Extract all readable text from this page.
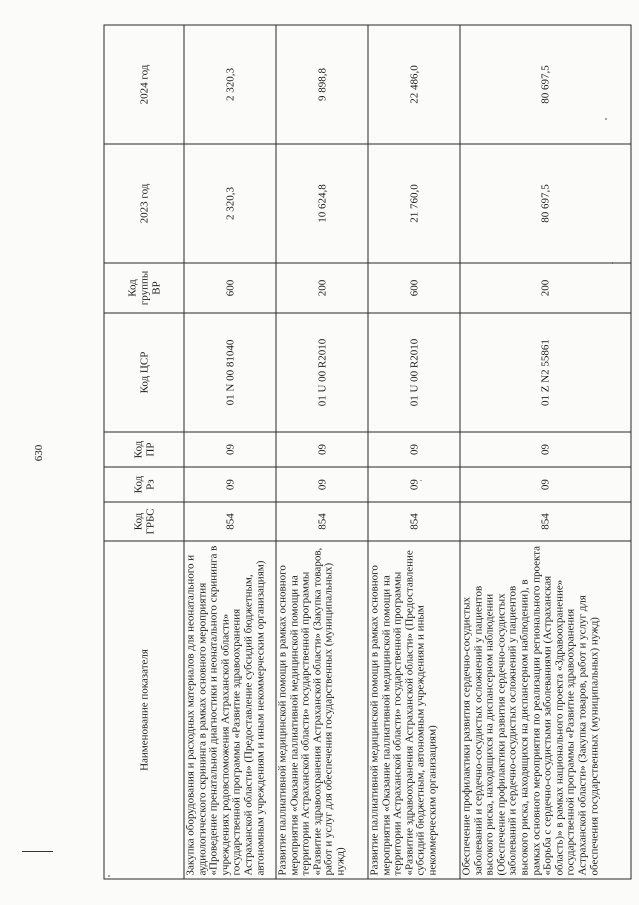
630
Наименование показателя	Код ГРБС	Код Рз	Код ПР	Код ЦСР	Код группы ВР	2023 год	2024 год
Закупка оборудования и расходных материалов для неонатального и аудиологического скрининга в рамках основного мероприятия «Проведение пренатальной диагностики и неонатального скрининга в учреждениях родовспоможения Астраханской области» государственной программы «Развитие здравоохранения Астраханской области» (Предоставление субсидий бюджетным, автономным учреждениям и иным некоммерческим организациям)	854	09	09	01 N 00 81040	600	2 320,3	2 320,3
Развитие паллиативной медицинской помощи в рамках основного мероприятия «Оказание паллиативной медицинской помощи на территории Астраханской области» государственной программы «Развитие здравоохранения Астраханской области» (Закупка товаров, работ и услуг для обеспечения государственных (муниципальных) нужд)	854	09	09	01 U 00 R2010	200	10 624,8	9 898,8
Развитие паллиативной медицинской помощи в рамках основного мероприятия «Оказание паллиативной медицинской помощи на территории Астраханской области» государственной программы «Развитие здравоохранения Астраханской области» (Предоставление субсидий бюджетным, автономным учреждениям и иным некоммерческим организациям)	854	09	09	01 U 00 R2010	600	21 760,0	22 486,0
Обеспечение профилактики развития сердечно-сосудистых заболеваний и сердечно-сосудистых осложнений у пациентов высокого риска, находящихся на диспансерном наблюдении (Обеспечение профилактики развития сердечно-сосудистых заболеваний и сердечно-сосудистых осложнений у пациентов высокого риска, находящихся на диспансерном наблюдении), в рамках основного мероприятия по реализации регионального проекта «Борьба с сердечно-сосудистыми заболеваниями (Астраханская область)» в рамках национального проекта «Здравоохранение» государственной программы «Развитие здравоохранения Астраханской области» (Закупка товаров, работ и услуг для обеспечения государственных (муниципальных) нужд)	854	09	09	01 Z N2 55861	200	80 697,5	80 697,5
